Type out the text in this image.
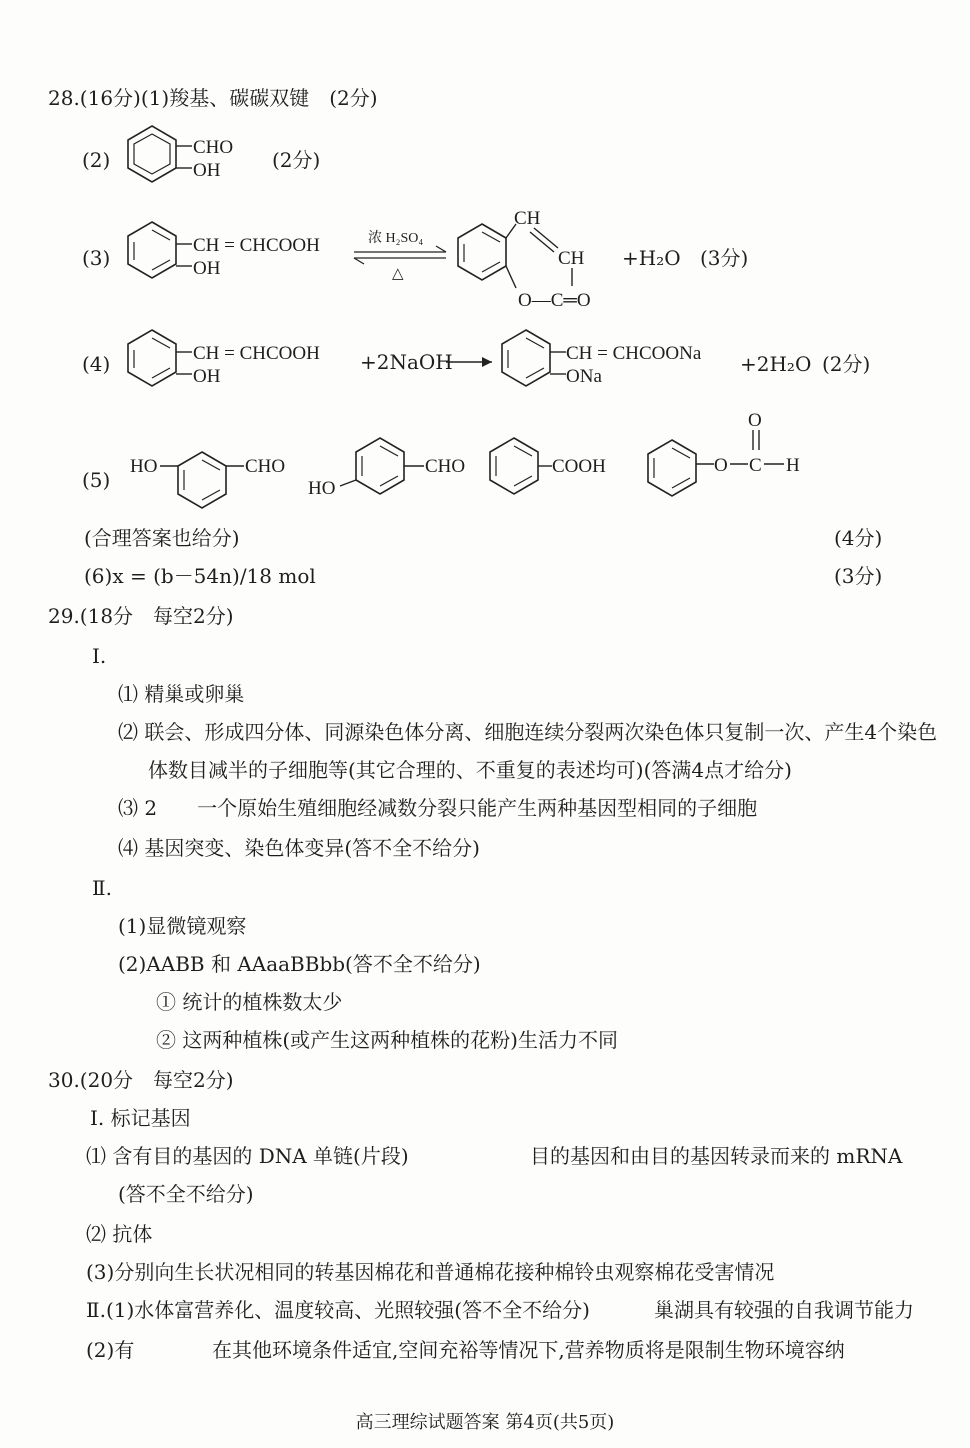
28.(16分)(1)羧基、碳碳双键　(2分)
(2)
CHO
OH	(2分)
(3)
CH = CHCOOH
OH
浓 H₂SO₄
△
CH
CH
O—C═O
+H₂O (3分)
(4)	CH = CHCOOH
OH
+2NaOH	CH = CHCOONa
ONa
+2H₂O (2分)
(5)
HO	CHO	CHO
HO
COOH	O C
O
H
(合理答案也给分)	(4分)
(6)x = (b－54n)/18 mol	(3分)
29.(18分　每空2分)
Ⅰ.
⑴ 精巢或卵巢
⑵ 联会、形成四分体、同源染色体分离、细胞连续分裂两次染色体只复制一次、产生4个染色
体数目减半的子细胞等(其它合理的、不重复的表述均可)(答满4点才给分)
⑶ 2　　一个原始生殖细胞经减数分裂只能产生两种基因型相同的子细胞
⑷ 基因突变、染色体变异(答不全不给分)
Ⅱ.
(1)显微镜观察
(2)AABB 和 AAaaBBbb(答不全不给分)
① 统计的植株数太少
② 这两种植株(或产生这两种植株的花粉)生活力不同
30.(20分　每空2分)
Ⅰ. 标记基因
⑴ 含有目的基因的 DNA 单链(片段)	目的基因和由目的基因转录而来的 mRNA
(答不全不给分)
⑵ 抗体
(3)分别向生长状况相同的转基因棉花和普通棉花接种棉铃虫观察棉花受害情况
Ⅱ.(1)水体富营养化、温度较高、光照较强(答不全不给分)	巢湖具有较强的自我调节能力
(2)有	在其他环境条件适宜,空间充裕等情况下,营养物质将是限制生物环境容纳
高三理综试题答案 第4页(共5页)
